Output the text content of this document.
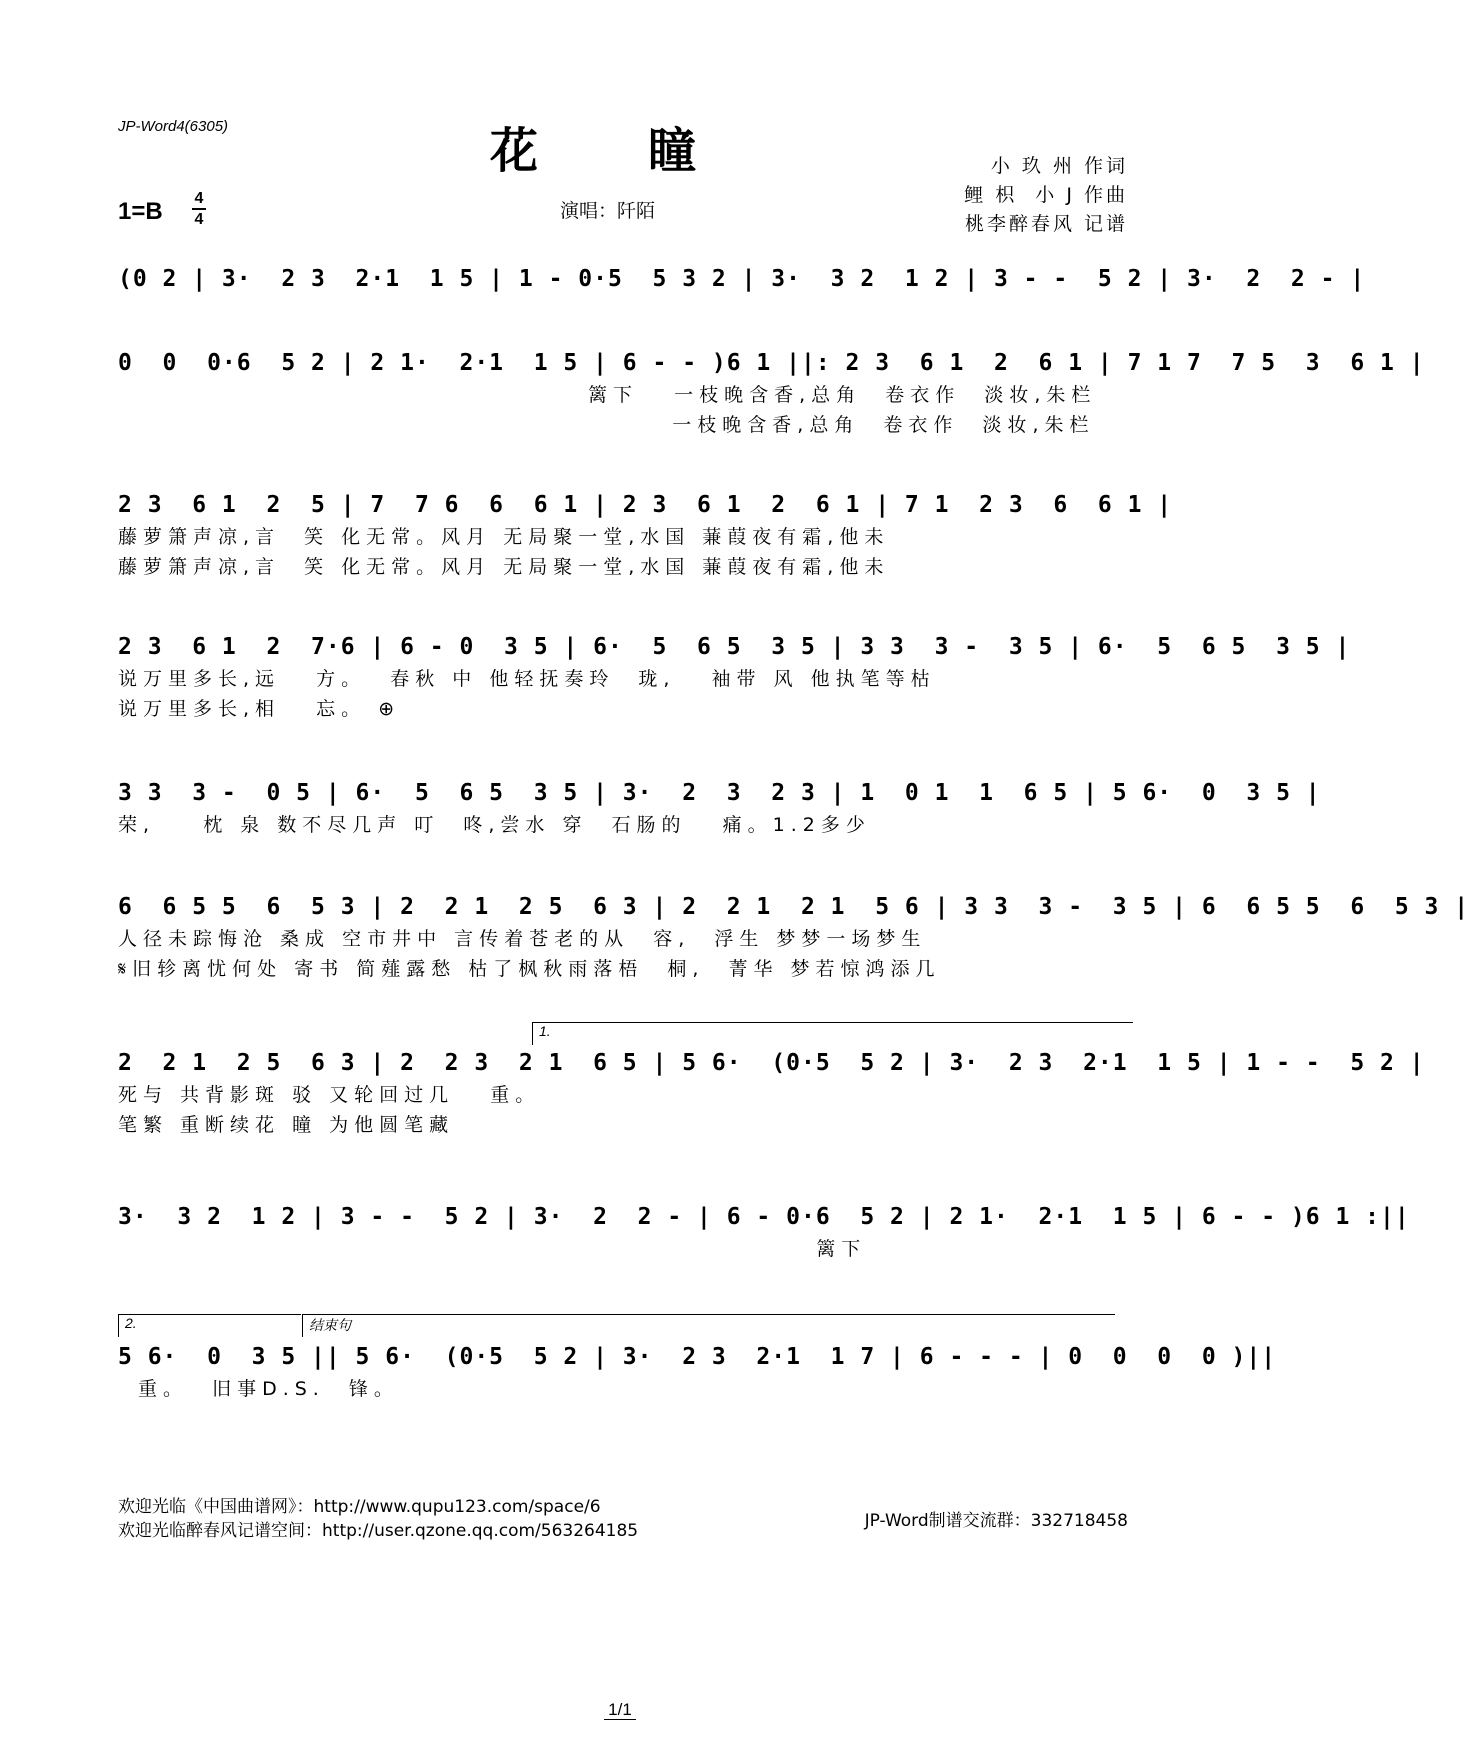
JP-Word4(6305)	花瞳	小 玖 州 作词
鲤 枳  小 J 作曲
桃李醉春风 记谱
1=B 4
4	演唱：阡陌
(0 2 | 3·  2 3  2·1  1 5 | 1 - 0·5  5 3 2 | 3·  3 2  1 2 | 3 - -  5 2 | 3·  2  2 - |
0  0  0·6  5 2 | 2 1·  2·1  1 5 | 6 - - )6 1 ||: 2 3  6 1  2  6 1 | 7 1 7  7 5  3  6 1 |
篱下   一枝晚含香,总角  卷衣作  淡妆,朱栏
一枝晚含香,总角  卷衣作  淡妆,朱栏
2 3  6 1  2  5 | 7  7 6  6  6 1 | 2 3  6 1  2  6 1 | 7 1  2 3  6  6 1 |
藤萝箫声凉,言  笑 化无常。风月 无局聚一堂,水国 蒹葭夜有霜,他未
藤萝箫声凉,言  笑 化无常。风月 无局聚一堂,水国 蒹葭夜有霜,他未
2 3  6 1  2  7·6 | 6 - 0  3 5 | 6·  5  6 5  3 5 | 3 3  3 -  3 5 | 6·  5  6 5  3 5 |
说万里多长,远   方。  春秋 中 他轻抚奏玲  珑,   袖带 风 他执笔等枯
说万里多长,相   忘。 ⊕
3 3  3 -  0 5 | 6·  5  6 5  3 5 | 3·  2  3  2 3 | 1  0 1  1  6 5 | 5 6·  0  3 5 |
荣,    枕 泉 数不尽几声 叮  咚,尝水 穿  石肠的   痛。1.2多少
6  6 5 5  6  5 3 | 2  2 1  2 5  6 3 | 2  2 1  2 1  5 6 | 3 3  3 -  3 5 | 6  6 5 5  6  5 3 |
人径未踪悔沧 桑成 空市井中 言传着苍老的从  容,  浮生 梦梦一场梦生
𝄋旧轸离忧何处 寄书 简薤露愁 枯了枫秋雨落梧  桐,  菁华 梦若惊鸿添几
1.
2  2 1  2 5  6 3 | 2  2 3  2 1  6 5 | 5 6·  (0·5  5 2 | 3·  2 3  2·1  1 5 | 1 - -  5 2 |
死与 共背影斑 驳 又轮回过几   重。
笔繁 重断续花 瞳 为他圆笔藏
3·  3 2  1 2 | 3 - -  5 2 | 3·  2  2 - | 6 - 0·6  5 2 | 2 1·  2·1  1 5 | 6 - - )6 1 :||
篱下
2.	结束句
5 6·  0  3 5 || 5 6·  (0·5  5 2 | 3·  2 3  2·1  1 7 | 6 - - - | 0  0  0  0 )||
重。  旧事D.S.  锋。
欢迎光临《中国曲谱网》：http://www.qupu123.com/space/6
欢迎光临醉春风记谱空间：http://user.qzone.qq.com/563264185	JP-Word制谱交流群：332718458
1/1
